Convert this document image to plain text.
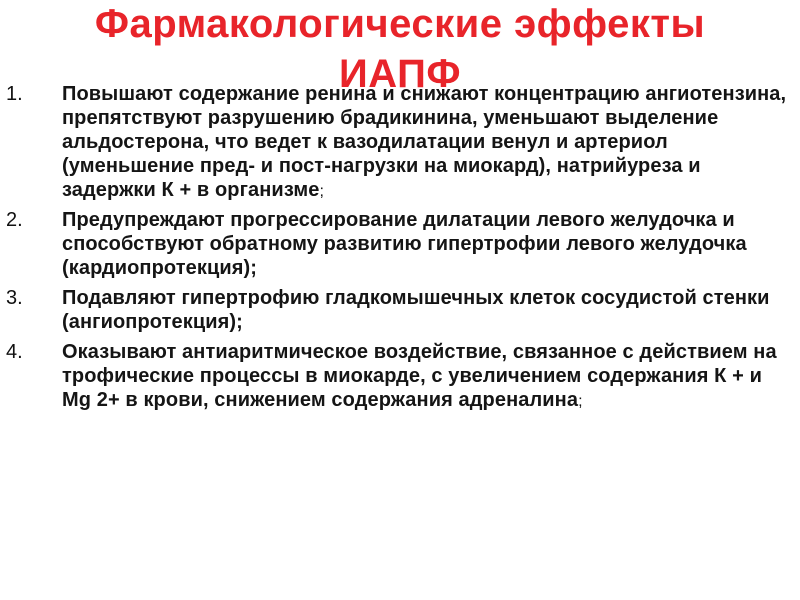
Фармакологические эффекты
ИАПФ
1.	Повышают содержание ренина и снижают концентрацию ангиотензина, препятствуют разрушению брадикинина, уменьшают выделение альдостерона, что ведет к вазодилатации венул и артериол (уменьшение пред- и пост-нагрузки на миокард), натрийуреза и задержки К + в организме;
2.	Предупреждают прогрессирование дилатации левого желудочка и способствуют обратному развитию гипертрофии левого желудочка (кардиопротекция);
3.	Подавляют гипертрофию гладкомышечных клеток сосудистой стенки (ангиопротекция);
4.	Оказывают антиаритмическое воздействие, связанное с действием на трофические процессы в миокарде, с увеличением содержания К + и Mg 2+ в крови, снижением содержания адреналина;
